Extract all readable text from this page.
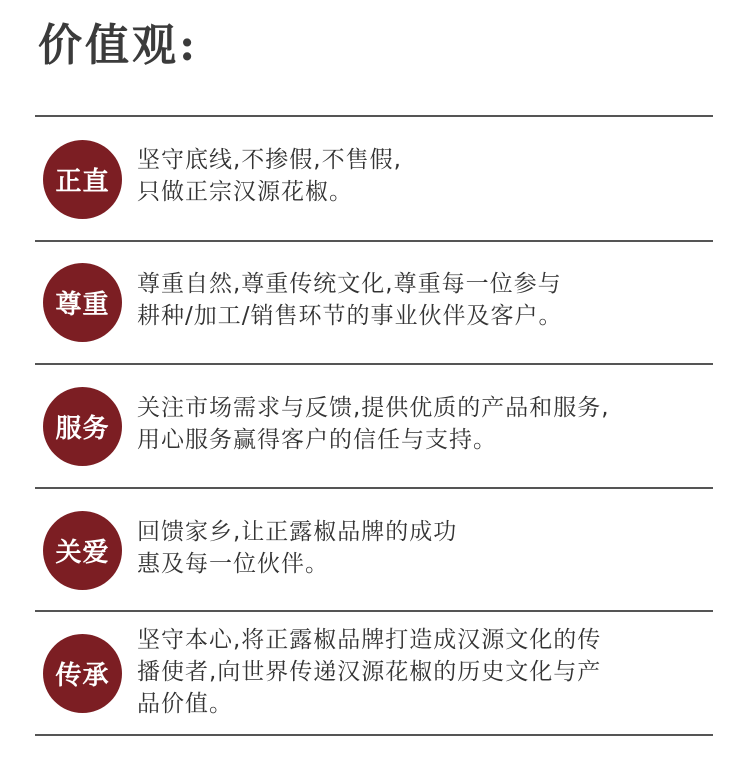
价值观:
正直
坚守底线,不掺假,不售假,
只做正宗汉源花椒。
尊重
尊重自然,尊重传统文化,尊重每一位参与
耕种/加工/销售环节的事业伙伴及客户。
服务
关注市场需求与反馈,提供优质的产品和服务,
用心服务赢得客户的信任与支持。
关爱
回馈家乡,让正露椒品牌的成功
惠及每一位伙伴。
传承
坚守本心,将正露椒品牌打造成汉源文化的传
播使者,向世界传递汉源花椒的历史文化与产
品价值。
